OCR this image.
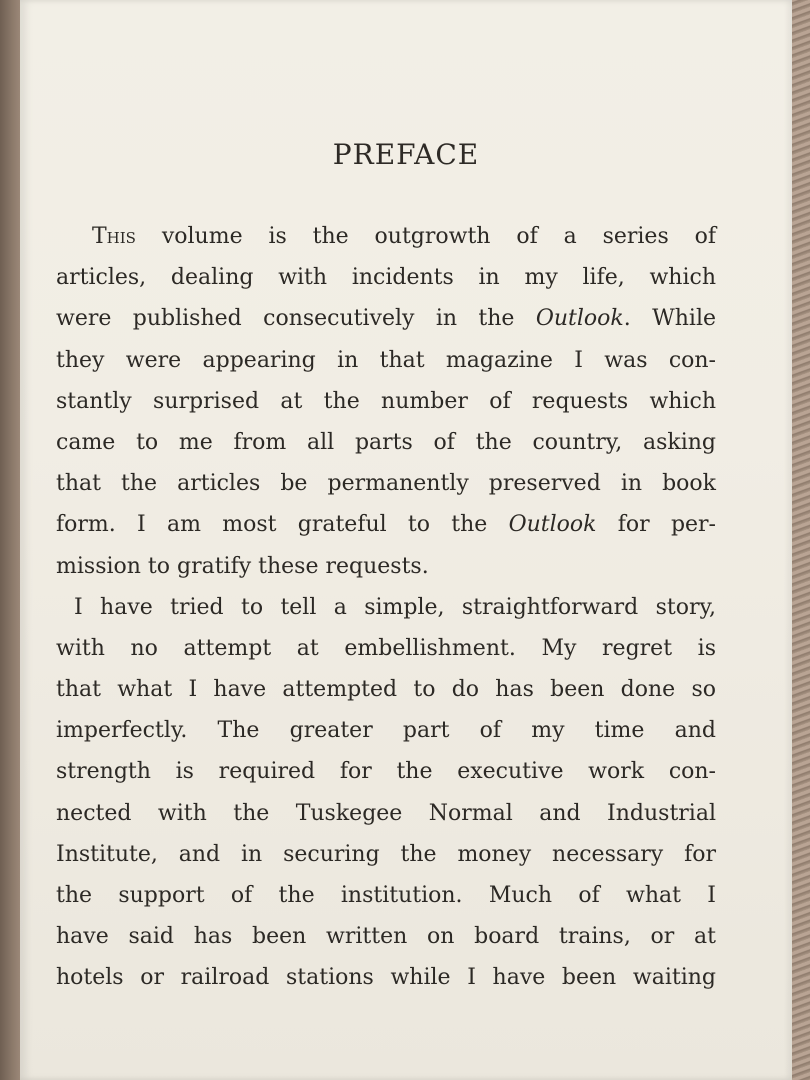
PREFACE

This volume is the outgrowth of a series of
articles, dealing with incidents in my life, which
were published consecutively in the Outlook. While
they were appearing in that magazine I was con-
stantly surprised at the number of requests which
came to me from all parts of the country, asking
that the articles be permanently preserved in book
form. I am most grateful to the Outlook for per-
mission to gratify these requests.

I have tried to tell a simple, straightforward story,
with no attempt at embellishment. My regret is
that what I have attempted to do has been done so
imperfectly. The greater part of my time and
strength is required for the executive work con-
nected with the Tuskegee Normal and Industrial
Institute, and in securing the money necessary for
the support of the institution. Much of what I
have said has been written on board trains, or at
hotels or railroad stations while I have been waiting
